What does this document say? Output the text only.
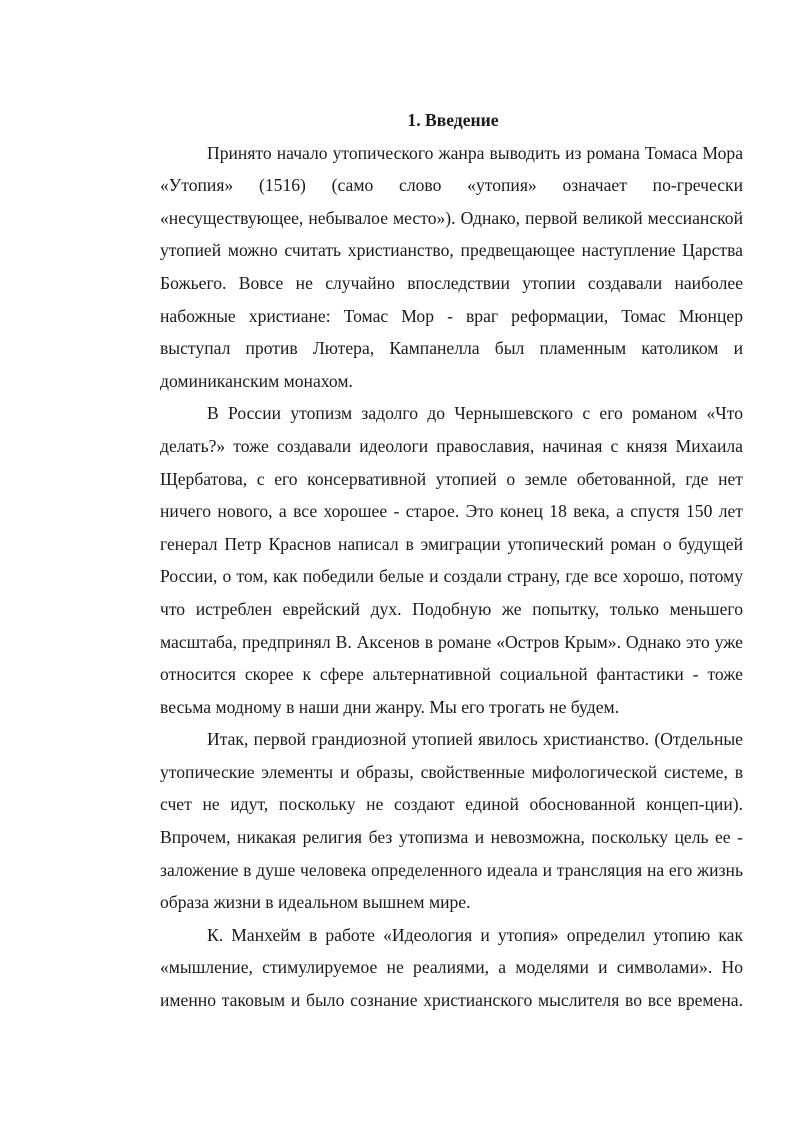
1. Введение
Принято начало утопического жанра выводить из романа Томаса Мора
«Утопия» (1516) (само слово «утопия» означает по-гречески
«несуществующее, небывалое место»). Однако, первой великой мессианской
утопией можно считать христианство, предвещающее наступление Царства
Божьего. Вовсе не случайно впоследствии утопии создавали наиболее
набожные христиане: Томас Мор - враг реформации, Томас Мюнцер
выступал против Лютера, Кампанелла был пламенным католиком и
доминиканским монахом.
В России утопизм задолго до Чернышевского с его романом «Что
делать?» тоже создавали идеологи православия, начиная с князя Михаила
Щербатова, с его консервативной утопией о земле обетованной, где нет
ничего нового, а все хорошее - старое. Это конец 18 века, а спустя 150 лет
генерал Петр Краснов написал в эмиграции утопический роман о будущей
России, о том, как победили белые и создали страну, где все хорошо, потому
что истреблен еврейский дух. Подобную же попытку, только меньшего
масштаба, предпринял В. Аксенов в романе «Остров Крым». Однако это уже
относится скорее к сфере альтернативной социальной фантастики - тоже
весьма модному в наши дни жанру. Мы его трогать не будем.
Итак, первой грандиозной утопией явилось христианство. (Отдельные
утопические элементы и образы, свойственные мифологической системе, в
счет не идут, поскольку не создают единой обоснованной концеп-ции).
Впрочем, никакая религия без утопизма и невозможна, поскольку цель ее -
заложение в душе человека определенного идеала и трансляция на его жизнь
образа жизни в идеальном вышнем мире.
К. Манхейм в работе «Идеология и утопия» определил утопию как
«мышление, стимулируемое не реалиями, а моделями и символами». Но
именно таковым и было сознание христианского мыслителя во все времена.
